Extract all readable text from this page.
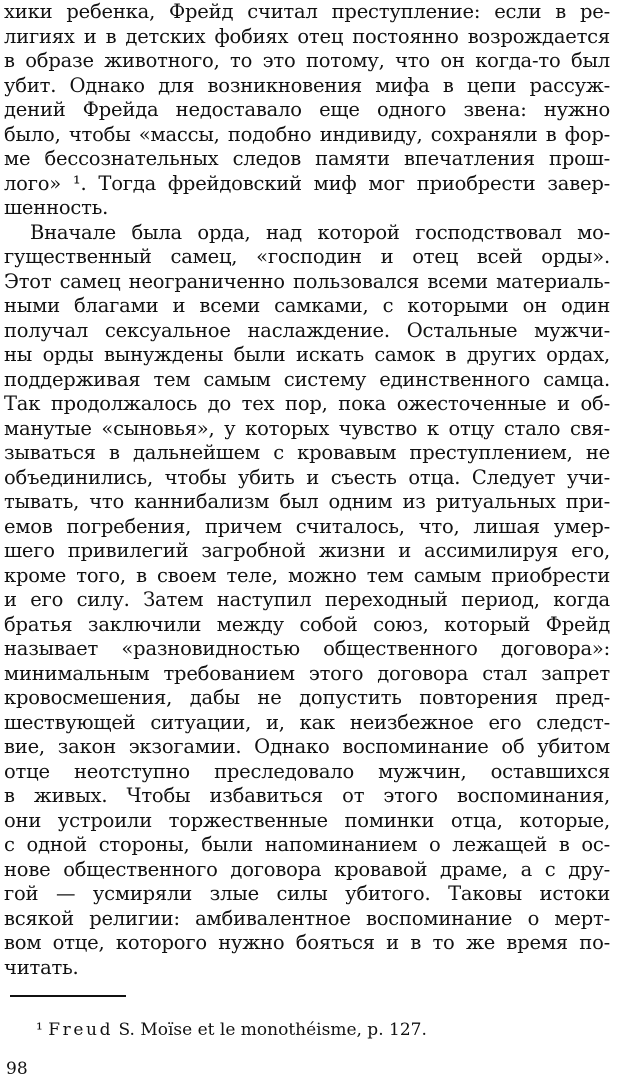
хики ребенка, Фрейд считал преступление: если в ре-
лигиях и в детских фобиях отец постоянно возрождается
в образе животного, то это потому, что он когда-то был
убит. Однако для возникновения мифа в цепи рассуж-
дений Фрейда недоставало еще одного звена: нужно
было, чтобы «массы, подобно индивиду, сохраняли в фор-
ме бессознательных следов памяти впечатления прош-
лого» ¹. Тогда фрейдовский миф мог приобрести завер-
шенность.
Вначале была орда, над которой господствовал мо-
гущественный самец, «господин и отец всей орды».
Этот самец неограниченно пользовался всеми материаль-
ными благами и всеми самками, с которыми он один
получал сексуальное наслаждение. Остальные мужчи-
ны орды вынуждены были искать самок в других ордах,
поддерживая тем самым систему единственного самца.
Так продолжалось до тех пор, пока ожесточенные и об-
манутые «сыновья», у которых чувство к отцу стало свя-
зываться в дальнейшем с кровавым преступлением, не
объединились, чтобы убить и съесть отца. Следует учи-
тывать, что каннибализм был одним из ритуальных при-
емов погребения, причем считалось, что, лишая умер-
шего привилегий загробной жизни и ассимилируя его,
кроме того, в своем теле, можно тем самым приобрести
и его силу. Затем наступил переходный период, когда
братья заключили между собой союз, который Фрейд
называет «разновидностью общественного договора»:
минимальным требованием этого договора стал запрет
кровосмешения, дабы не допустить повторения пред-
шествующей ситуации, и, как неизбежное его следст-
вие, закон экзогамии. Однако воспоминание об убитом
отце неотступно преследовало мужчин, оставшихся
в живых. Чтобы избавиться от этого воспоминания,
они устроили торжественные поминки отца, которые,
с одной стороны, были напоминанием о лежащей в ос-
нове общественного договора кровавой драме, а с дру-
гой — усмиряли злые силы убитого. Таковы истоки
всякой религии: амбивалентное воспоминание о мерт-
вом отце, которого нужно бояться и в то же время по-
читать.
¹ Freud S. Moïse et le monothéisme, p. 127.
98
